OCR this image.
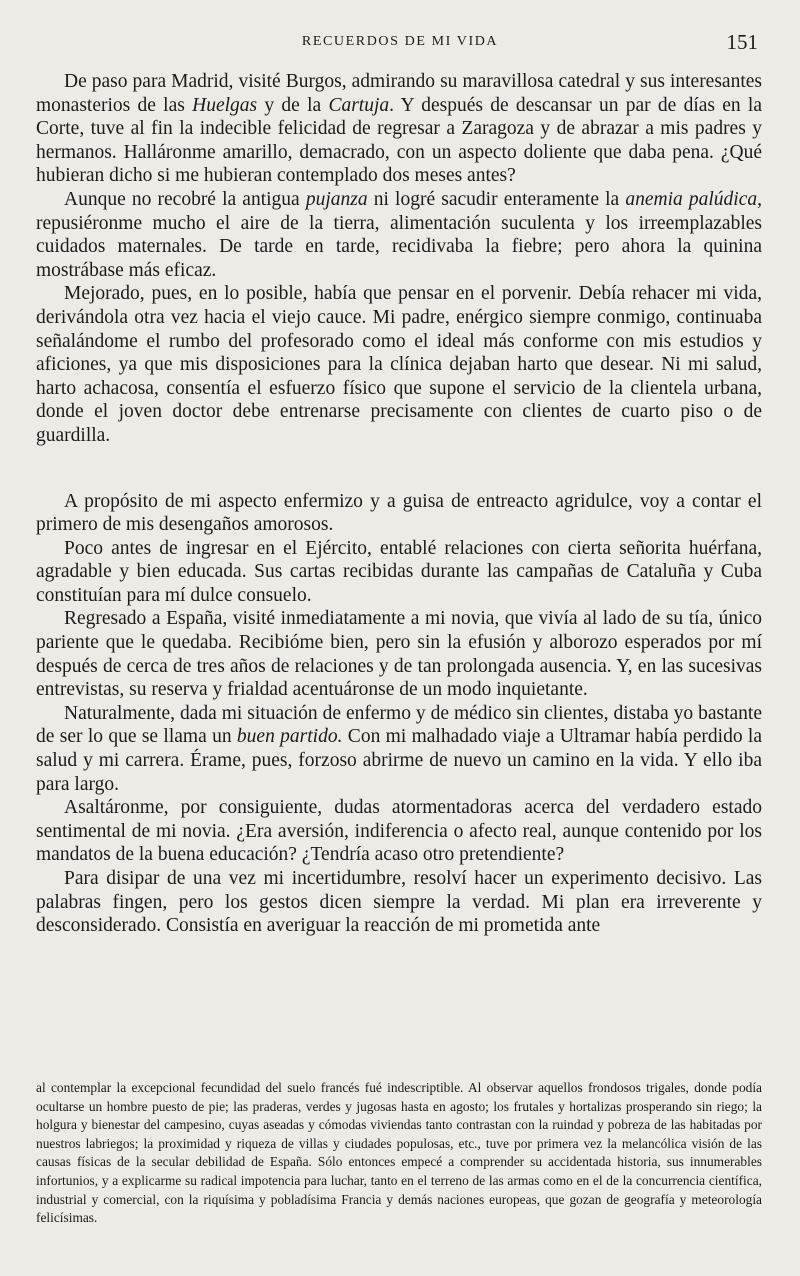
RECUERDOS DE MI VIDA	151

De paso para Madrid, visité Burgos, admirando su maravillosa catedral y sus interesantes monasterios de las Huelgas y de la Cartuja. Y después de descansar un par de días en la Corte, tuve al fin la indecible felicidad de regresar a Zaragoza y de abrazar a mis padres y hermanos. Halláronme amarillo, demacrado, con un aspecto doliente que daba pena. ¿Qué hubieran dicho si me hubieran contemplado dos meses antes?

Aunque no recobré la antigua pujanza ni logré sacudir enteramente la anemia palúdica, repusiéronme mucho el aire de la tierra, alimentación suculenta y los irreemplazables cuidados maternales. De tarde en tarde, recidivaba la fiebre; pero ahora la quinina mostrábase más eficaz.

Mejorado, pues, en lo posible, había que pensar en el porvenir. Debía rehacer mi vida, derivándola otra vez hacia el viejo cauce. Mi padre, enérgico siempre conmigo, continuaba señalándome el rumbo del profesorado como el ideal más conforme con mis estudios y aficiones, ya que mis disposiciones para la clínica dejaban harto que desear. Ni mi salud, harto achacosa, consentía el esfuerzo físico que supone el servicio de la clientela urbana, donde el joven doctor debe entrenarse precisamente con clientes de cuarto piso o de guardilla.

A propósito de mi aspecto enfermizo y a guisa de entreacto agridulce, voy a contar el primero de mis desengaños amorosos.

Poco antes de ingresar en el Ejército, entablé relaciones con cierta señorita huérfana, agradable y bien educada. Sus cartas recibidas durante las campañas de Cataluña y Cuba constituían para mí dulce consuelo.

Regresado a España, visité inmediatamente a mi novia, que vivía al lado de su tía, único pariente que le quedaba. Recibióme bien, pero sin la efusión y alborozo esperados por mí después de cerca de tres años de relaciones y de tan prolongada ausencia. Y, en las sucesivas entrevistas, su reserva y frialdad acentuáronse de un modo inquietante.

Naturalmente, dada mi situación de enfermo y de médico sin clientes, distaba yo bastante de ser lo que se llama un buen partido. Con mi malhadado viaje a Ultramar había perdido la salud y mi carrera. Érame, pues, forzoso abrirme de nuevo un camino en la vida. Y ello iba para largo.

Asaltáronme, por consiguiente, dudas atormentadoras acerca del verdadero estado sentimental de mi novia. ¿Era aversión, indiferencia o afecto real, aunque contenido por los mandatos de la buena educación? ¿Tendría acaso otro pretendiente?

Para disipar de una vez mi incertidumbre, resolví hacer un experimento decisivo. Las palabras fingen, pero los gestos dicen siempre la verdad. Mi plan era irreverente y desconsiderado. Consistía en averiguar la reacción de mi prometida ante

al contemplar la excepcional fecundidad del suelo francés fué indescriptible. Al observar aquellos frondosos trigales, donde podía ocultarse un hombre puesto de pie; las praderas, verdes y jugosas hasta en agosto; los frutales y hortalizas prosperando sin riego; la holgura y bienestar del campesino, cuyas aseadas y cómodas viviendas tanto contrastan con la ruindad y pobreza de las habitadas por nuestros labriegos; la proximidad y riqueza de villas y ciudades populosas, etc., tuve por primera vez la melancólica visión de las causas físicas de la secular debilidad de España. Sólo entonces empecé a comprender su accidentada historia, sus innumerables infortunios, y a explicarme su radical impotencia para luchar, tanto en el terreno de las armas como en el de la concurrencia científica, industrial y comercial, con la riquísima y pobladísima Francia y demás naciones europeas, que gozan de geografía y meteorología felicísimas.
